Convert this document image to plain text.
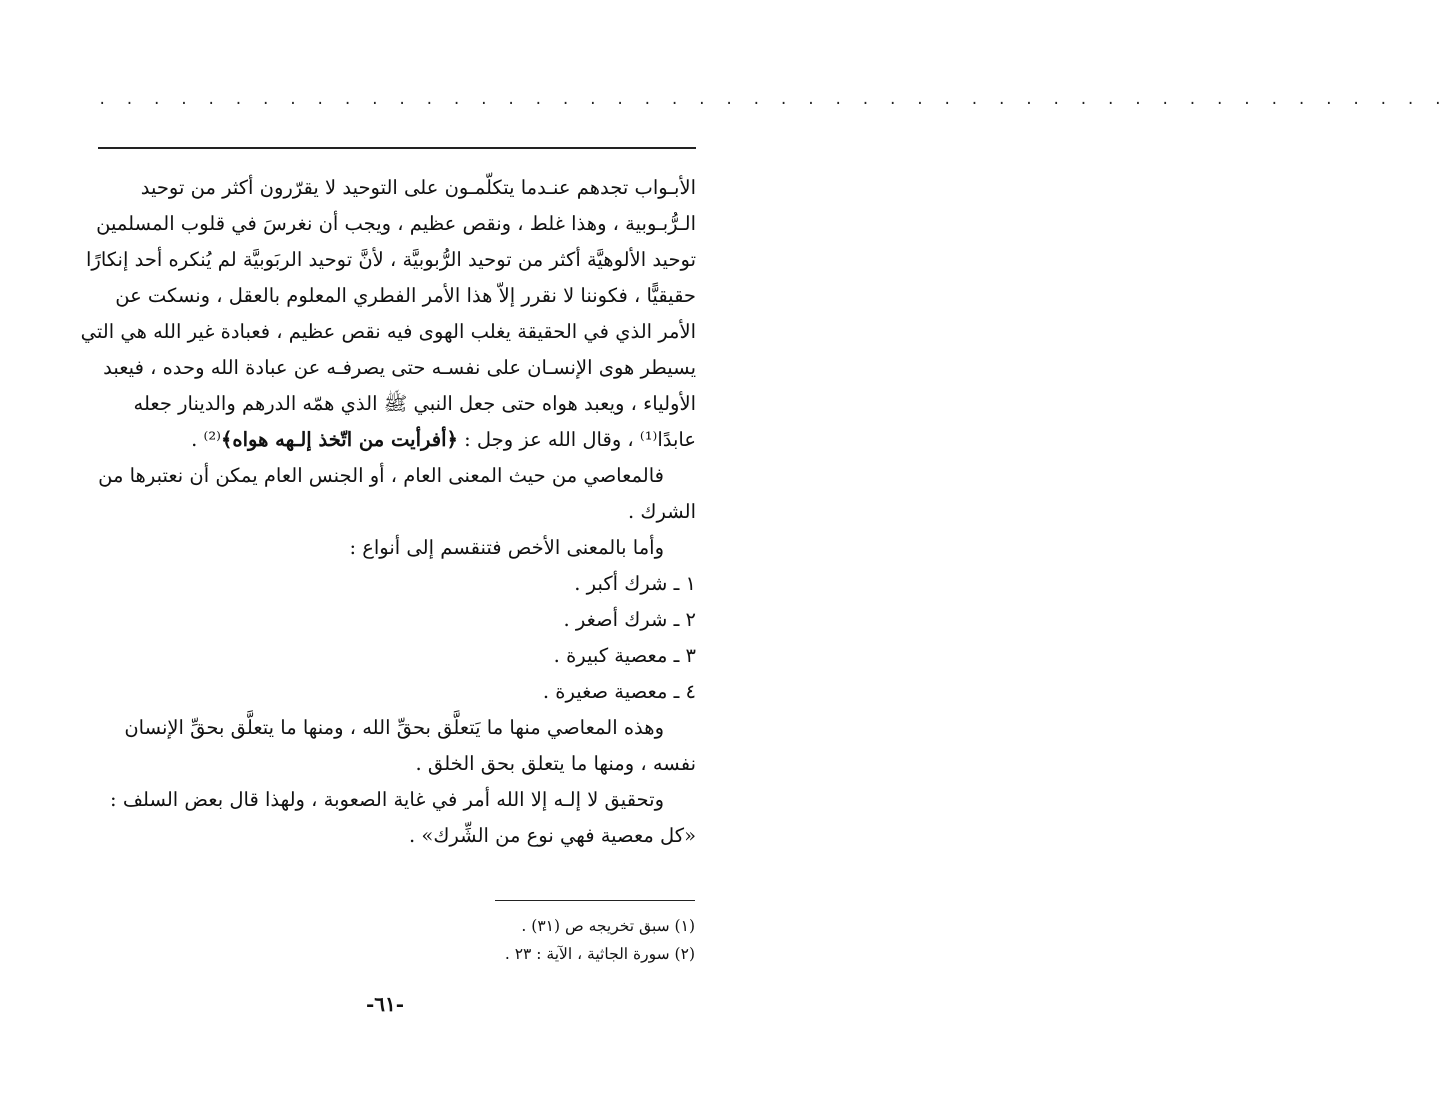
. . . . . . . . . . . . . . . . . . . . . . . . . . . . . . . . . . . . . . . . . . . . . . . . . .
الأبـواب تجدهم عنـدما يتكلّمـون على التوحيد لا يقرّرون أكثر من توحيد
الـرُّبـوبية ، وهذا غلط ، ونقص عظيم ، ويجب أن نغرسَ في قلوب المسلمين
توحيد الألوهيَّة أكثر من توحيد الرُّبوبيَّة ، لأنَّ توحيد الربَوبيَّة لم يُنكره أحد إنكارًا
حقيقيًّا ، فكوننا لا نقرر إلاّ هذا الأمر الفطري المعلوم بالعقل ، ونسكت عن
الأمر الذي في الحقيقة يغلب الهوى فيه نقص عظيم ، فعبادة غير الله هي التي
يسيطر هوى الإنسـان على نفسـه حتى يصرفـه عن عبادة الله وحده ، فيعبد
الأولياء ، ويعبد هواه حتى جعل النبي ﷺ الذي همّه الدرهم والدينار جعله
عابدًا⁽¹⁾ ، وقال الله عز وجل : ﴿أفرأيت من اتّخذ إلـهه هواه﴾⁽²⁾ .
فالمعاصي من حيث المعنى العام ، أو الجنس العام يمكن أن نعتبرها من
الشرك .
وأما بالمعنى الأخص فتنقسم إلى أنواع :
١ ـ شرك أكبر .
٢ ـ شرك أصغر .
٣ ـ معصية كبيرة .
٤ ـ معصية صغيرة .
وهذه المعاصي منها ما يَتعلَّق بحقِّ الله ، ومنها ما يتعلَّق بحقِّ الإنسان
نفسه ، ومنها ما يتعلق بحق الخلق .
وتحقيق لا إلـه إلا الله أمر في غاية الصعوبة ، ولهذا قال بعض السلف :
«كل معصية فهي نوع من الشِّرك» .
(١) سبق تخريجه ص (٣١) .
(٢) سورة الجاثية ، الآية : ٢٣ .
-٦١-
